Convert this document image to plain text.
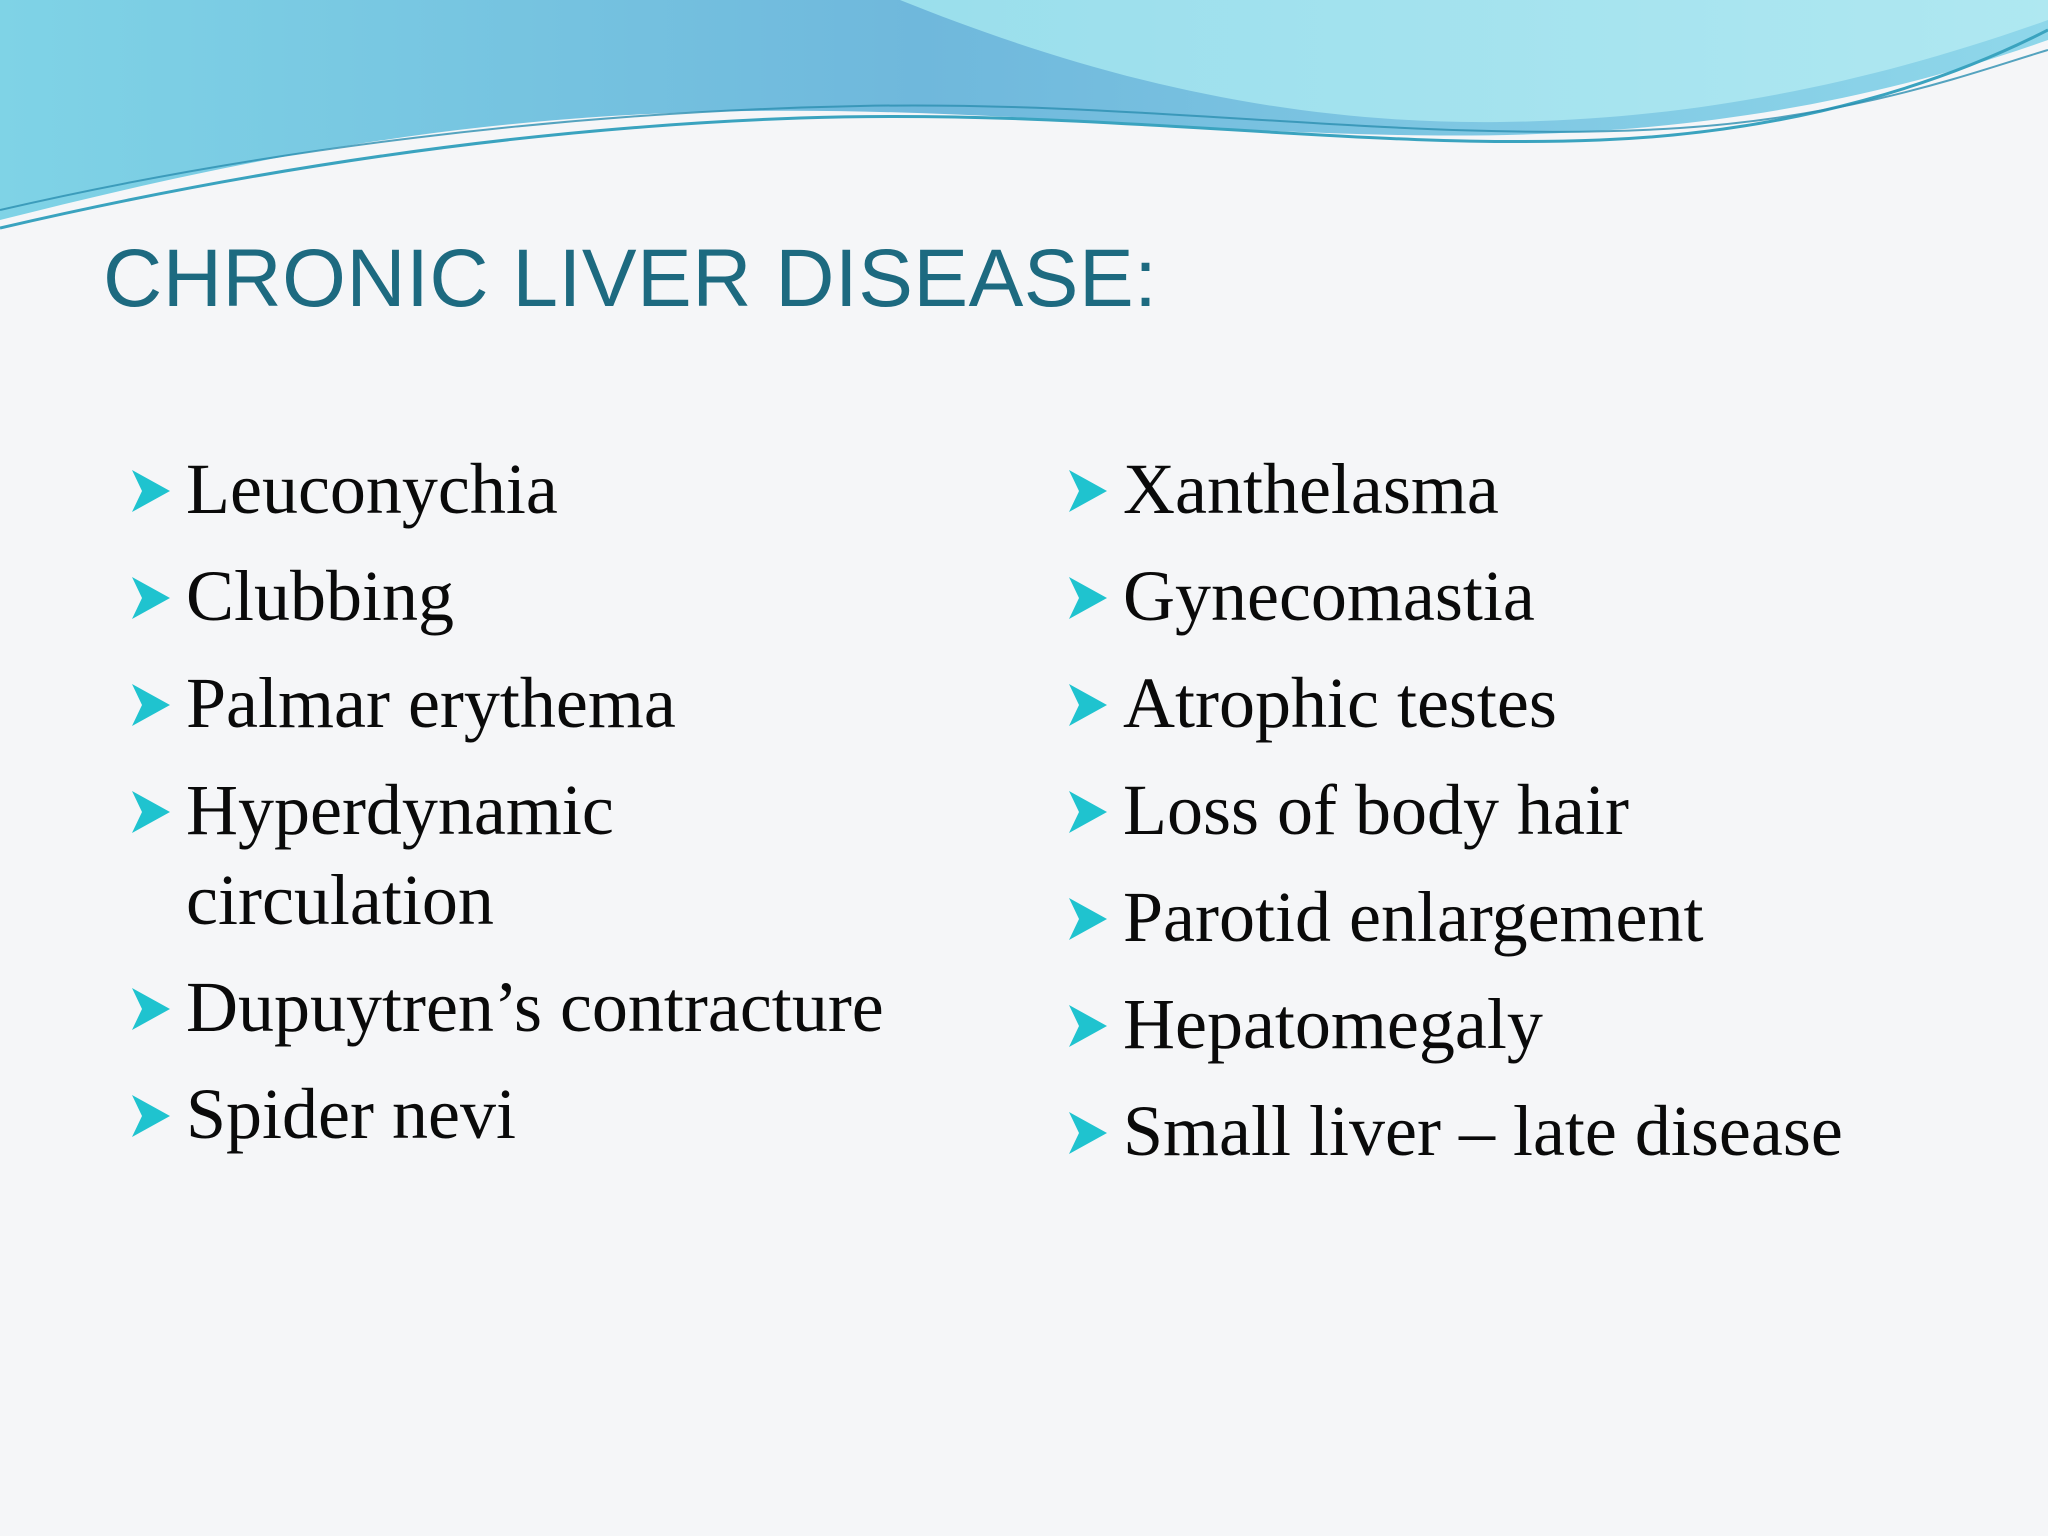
CHRONIC LIVER DISEASE:
Leuconychia
Clubbing
Palmar erythema
Hyperdynamic circulation
Dupuytren’s contracture
Spider nevi
Xanthelasma
Gynecomastia
Atrophic testes
Loss of body hair
Parotid enlargement
Hepatomegaly
Small liver – late disease
